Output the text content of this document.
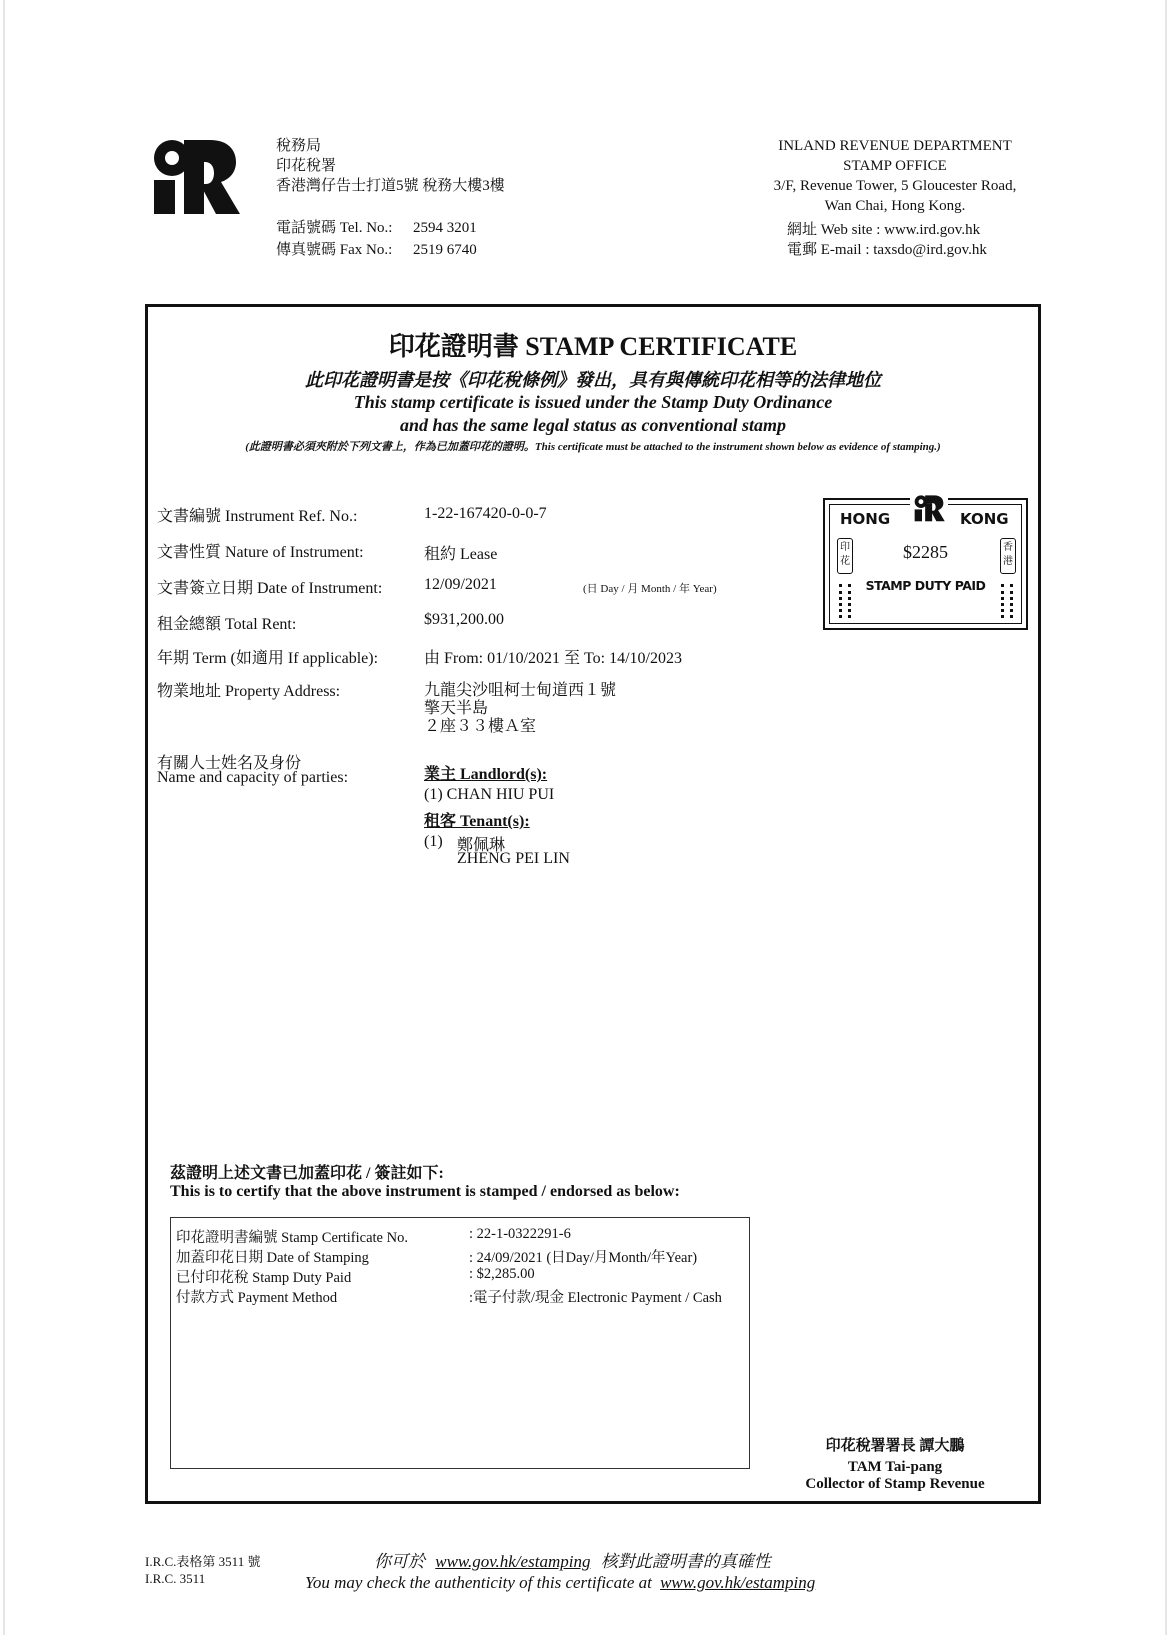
稅務局
印花稅署
香港灣仔告士打道5號 稅務大樓3樓
電話號碼 Tel. No.: 2594 3201
傳真號碼 Fax No.: 2519 6740
INLAND REVENUE DEPARTMENT
STAMP OFFICE
3/F, Revenue Tower, 5 Gloucester Road,
Wan Chai, Hong Kong.
網址 Web site : www.ird.gov.hk
電郵 E-mail : taxsdo@ird.gov.hk
印花證明書 STAMP CERTIFICATE
此印花證明書是按《印花稅條例》發出，具有與傳統印花相等的法律地位
This stamp certificate is issued under the Stamp Duty Ordinance
and has the same legal status as conventional stamp
(此證明書必須夾附於下列文書上，作為已加蓋印花的證明。This certificate must be attached to the instrument shown below as evidence of stamping.)
文書編號 Instrument Ref. No.:	1-22-167420-0-0-7
文書性質 Nature of Instrument:	租約 Lease
文書簽立日期 Date of Instrument:	12/09/2021	(日 Day / 月 Month / 年 Year)
租金總額 Total Rent:	$931,200.00
年期 Term (如適用 If applicable):	由 From: 01/10/2021 至 To: 14/10/2023
物業地址 Property Address:	九龍尖沙咀柯士甸道西１號
擎天半島
２座３３樓Ａ室
有關人士姓名及身份
Name and capacity of parties:	業主 Landlord(s):
(1) CHAN HIU PUI
租客 Tenant(s):
(1) 鄭佩琳
ZHENG PEI LIN
HONG	KONG
印花
香港
$2285
STAMP DUTY PAID
茲證明上述文書已加蓋印花 / 簽註如下:
This is to certify that the above instrument is stamped / endorsed as below:
印花證明書編號 Stamp Certificate No.	: 22-1-0322291-6
加蓋印花日期 Date of Stamping	: 24/09/2021 (日Day/月Month/年Year)
已付印花稅 Stamp Duty Paid	: $2,285.00
付款方式 Payment Method	:電子付款/現金 Electronic Payment / Cash
印花稅署署長 譚大鵬
TAM Tai-pang
Collector of Stamp Revenue
I.R.C.表格第 3511 號
I.R.C. 3511
你可於 www.gov.hk/estamping 核對此證明書的真確性
You may check the authenticity of this certificate at www.gov.hk/estamping
